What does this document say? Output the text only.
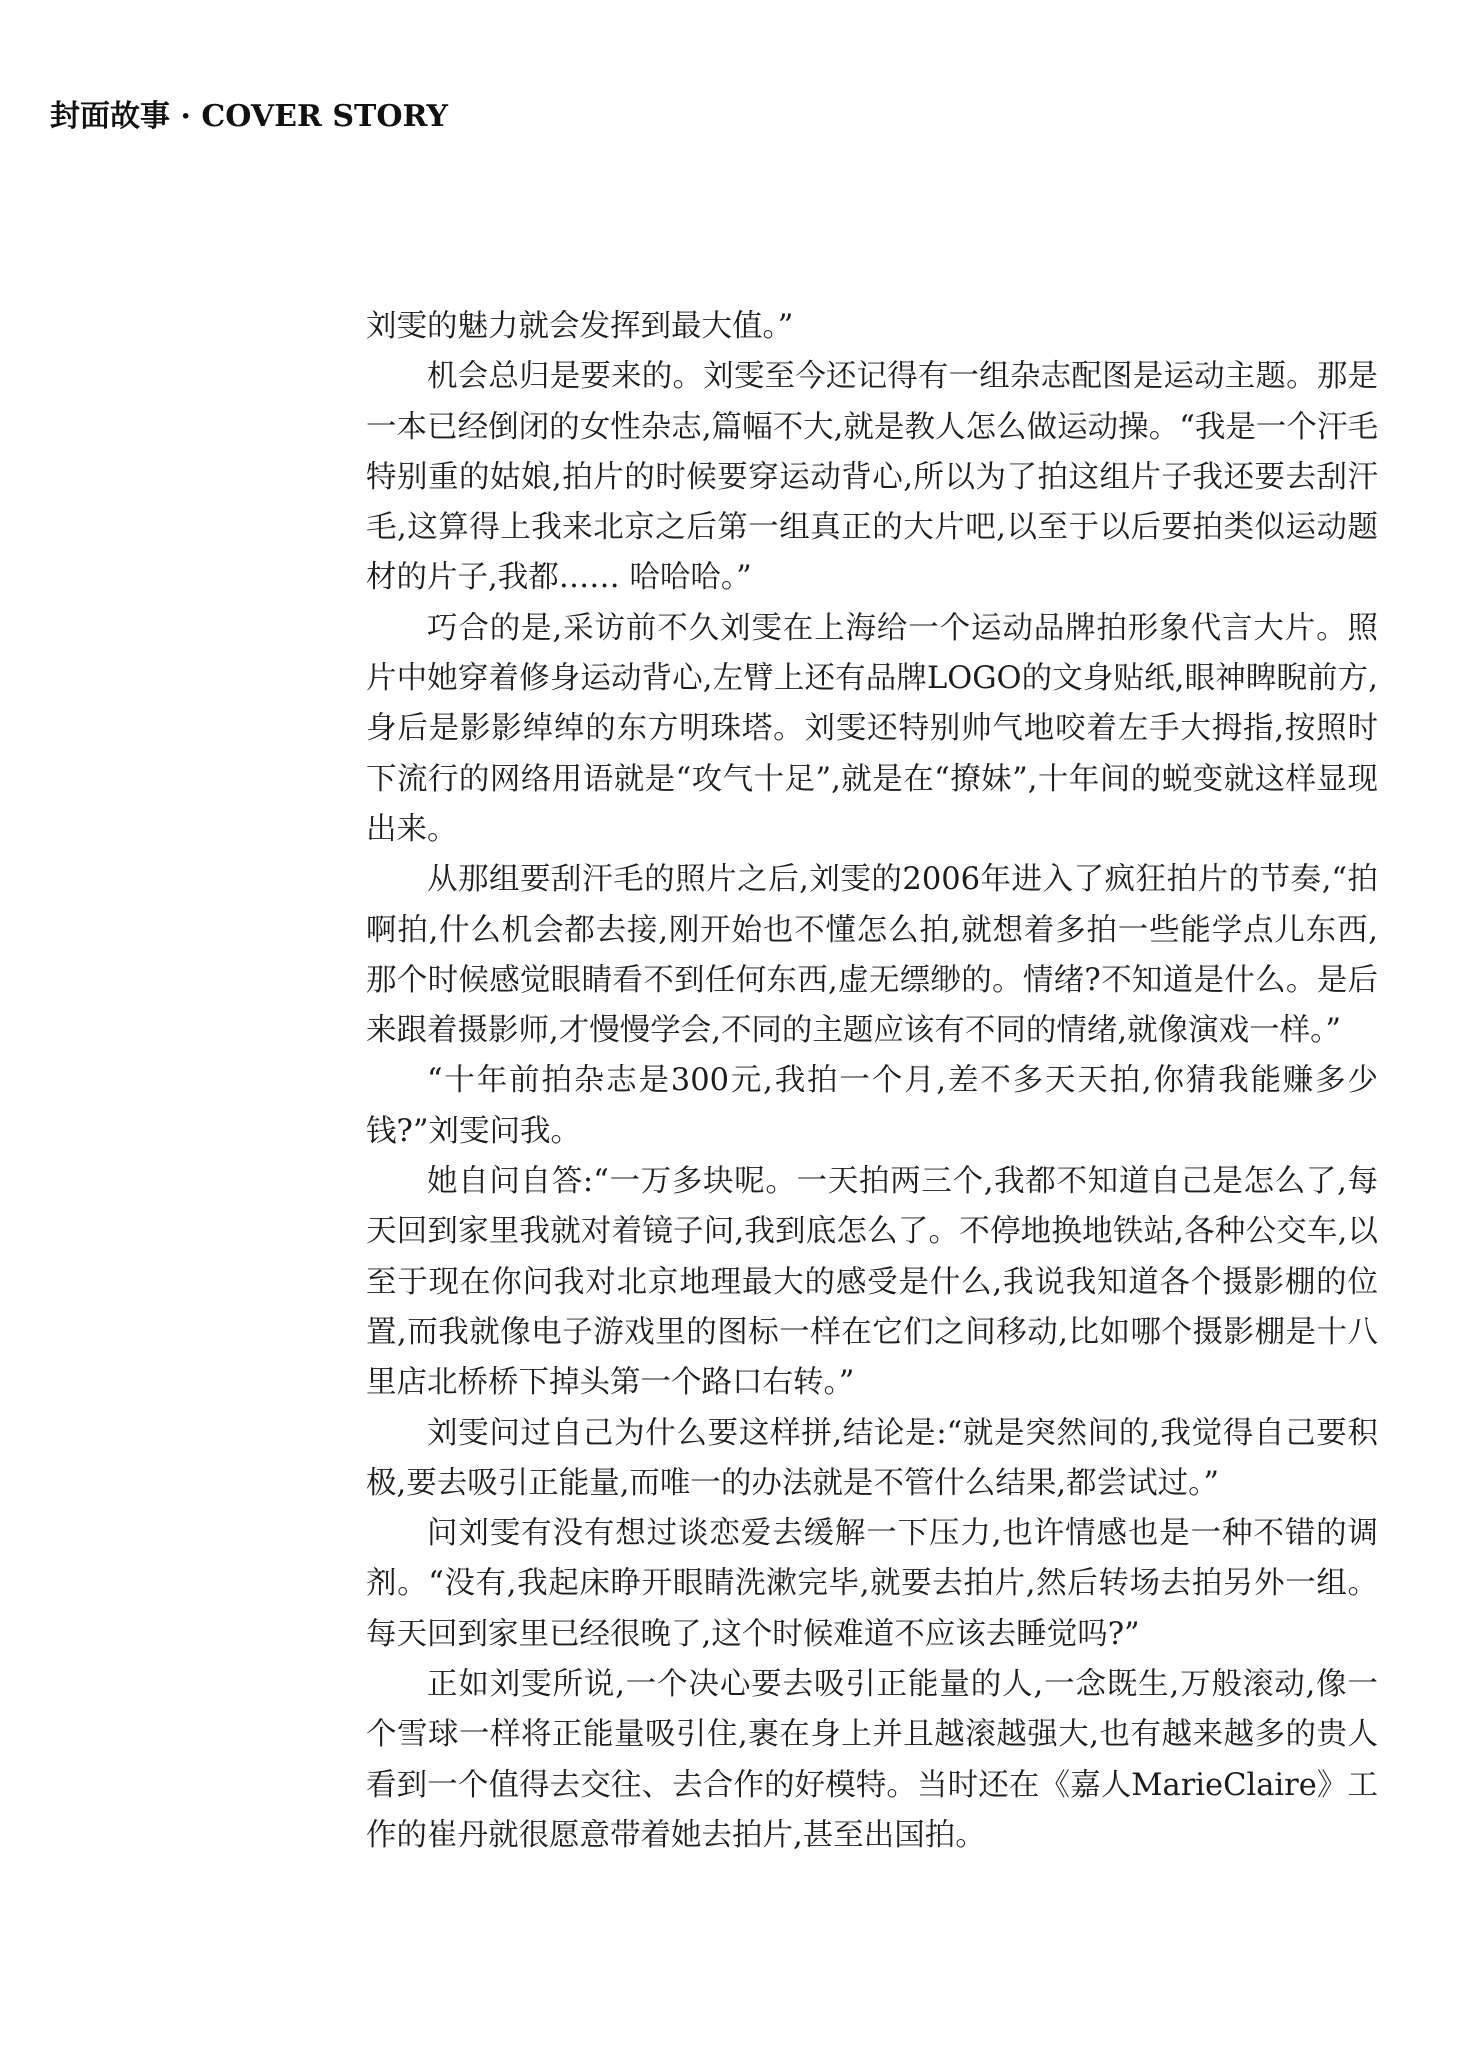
封面故事 · COVER STORY

刘雯的魅力就会发挥到最大值。”

机会总归是要来的。刘雯至今还记得有一组杂志配图是运动主题。那是一本已经倒闭的女性杂志,篇幅不大,就是教人怎么做运动操。“我是一个汗毛特别重的姑娘,拍片的时候要穿运动背心,所以为了拍这组片子我还要去刮汗毛,这算得上我来北京之后第一组真正的大片吧,以至于以后要拍类似运动题材的片子,我都…… 哈哈哈。”

巧合的是,采访前不久刘雯在上海给一个运动品牌拍形象代言大片。照片中她穿着修身运动背心,左臂上还有品牌LOGO的文身贴纸,眼神睥睨前方,身后是影影绰绰的东方明珠塔。刘雯还特别帅气地咬着左手大拇指,按照时下流行的网络用语就是“攻气十足”,就是在“撩妹”,十年间的蜕变就这样显现出来。

从那组要刮汗毛的照片之后,刘雯的2006年进入了疯狂拍片的节奏,“拍啊拍,什么机会都去接,刚开始也不懂怎么拍,就想着多拍一些能学点儿东西,那个时候感觉眼睛看不到任何东西,虚无缥缈的。情绪?不知道是什么。是后来跟着摄影师,才慢慢学会,不同的主题应该有不同的情绪,就像演戏一样。”

“十年前拍杂志是300元,我拍一个月,差不多天天拍,你猜我能赚多少钱?”刘雯问我。

她自问自答:“一万多块呢。一天拍两三个,我都不知道自己是怎么了,每天回到家里我就对着镜子问,我到底怎么了。不停地换地铁站,各种公交车,以至于现在你问我对北京地理最大的感受是什么,我说我知道各个摄影棚的位置,而我就像电子游戏里的图标一样在它们之间移动,比如哪个摄影棚是十八里店北桥桥下掉头第一个路口右转。”

刘雯问过自己为什么要这样拼,结论是:“就是突然间的,我觉得自己要积极,要去吸引正能量,而唯一的办法就是不管什么结果,都尝试过。”

问刘雯有没有想过谈恋爱去缓解一下压力,也许情感也是一种不错的调剂。“没有,我起床睁开眼睛洗漱完毕,就要去拍片,然后转场去拍另外一组。每天回到家里已经很晚了,这个时候难道不应该去睡觉吗?”

正如刘雯所说,一个决心要去吸引正能量的人,一念既生,万般滚动,像一个雪球一样将正能量吸引住,裹在身上并且越滚越强大,也有越来越多的贵人看到一个值得去交往、去合作的好模特。当时还在《嘉人MarieClaire》工作的崔丹就很愿意带着她去拍片,甚至出国拍。
